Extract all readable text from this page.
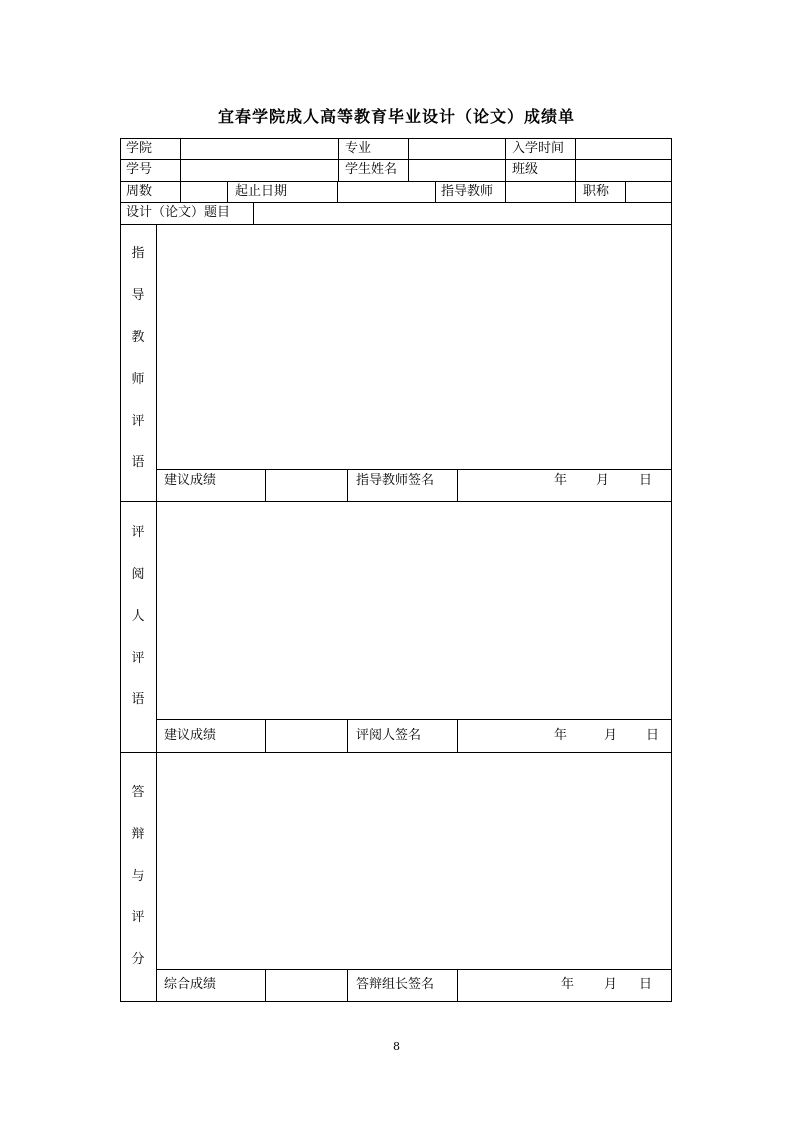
宜春学院成人高等教育毕业设计（论文）成绩单
学院	专业	入学时间
学号	学生姓名	班级
周数	起止日期	指导教师	职称
设计（论文）题目
指
导
教
师
评
语
建议成绩	指导教师签名	年 月 日
评
阅
人
评
语
建议成绩	评阅人签名	年	月 日
答
辩
与
评
分
综合成绩	答辩组长签名	年 月 日
8
